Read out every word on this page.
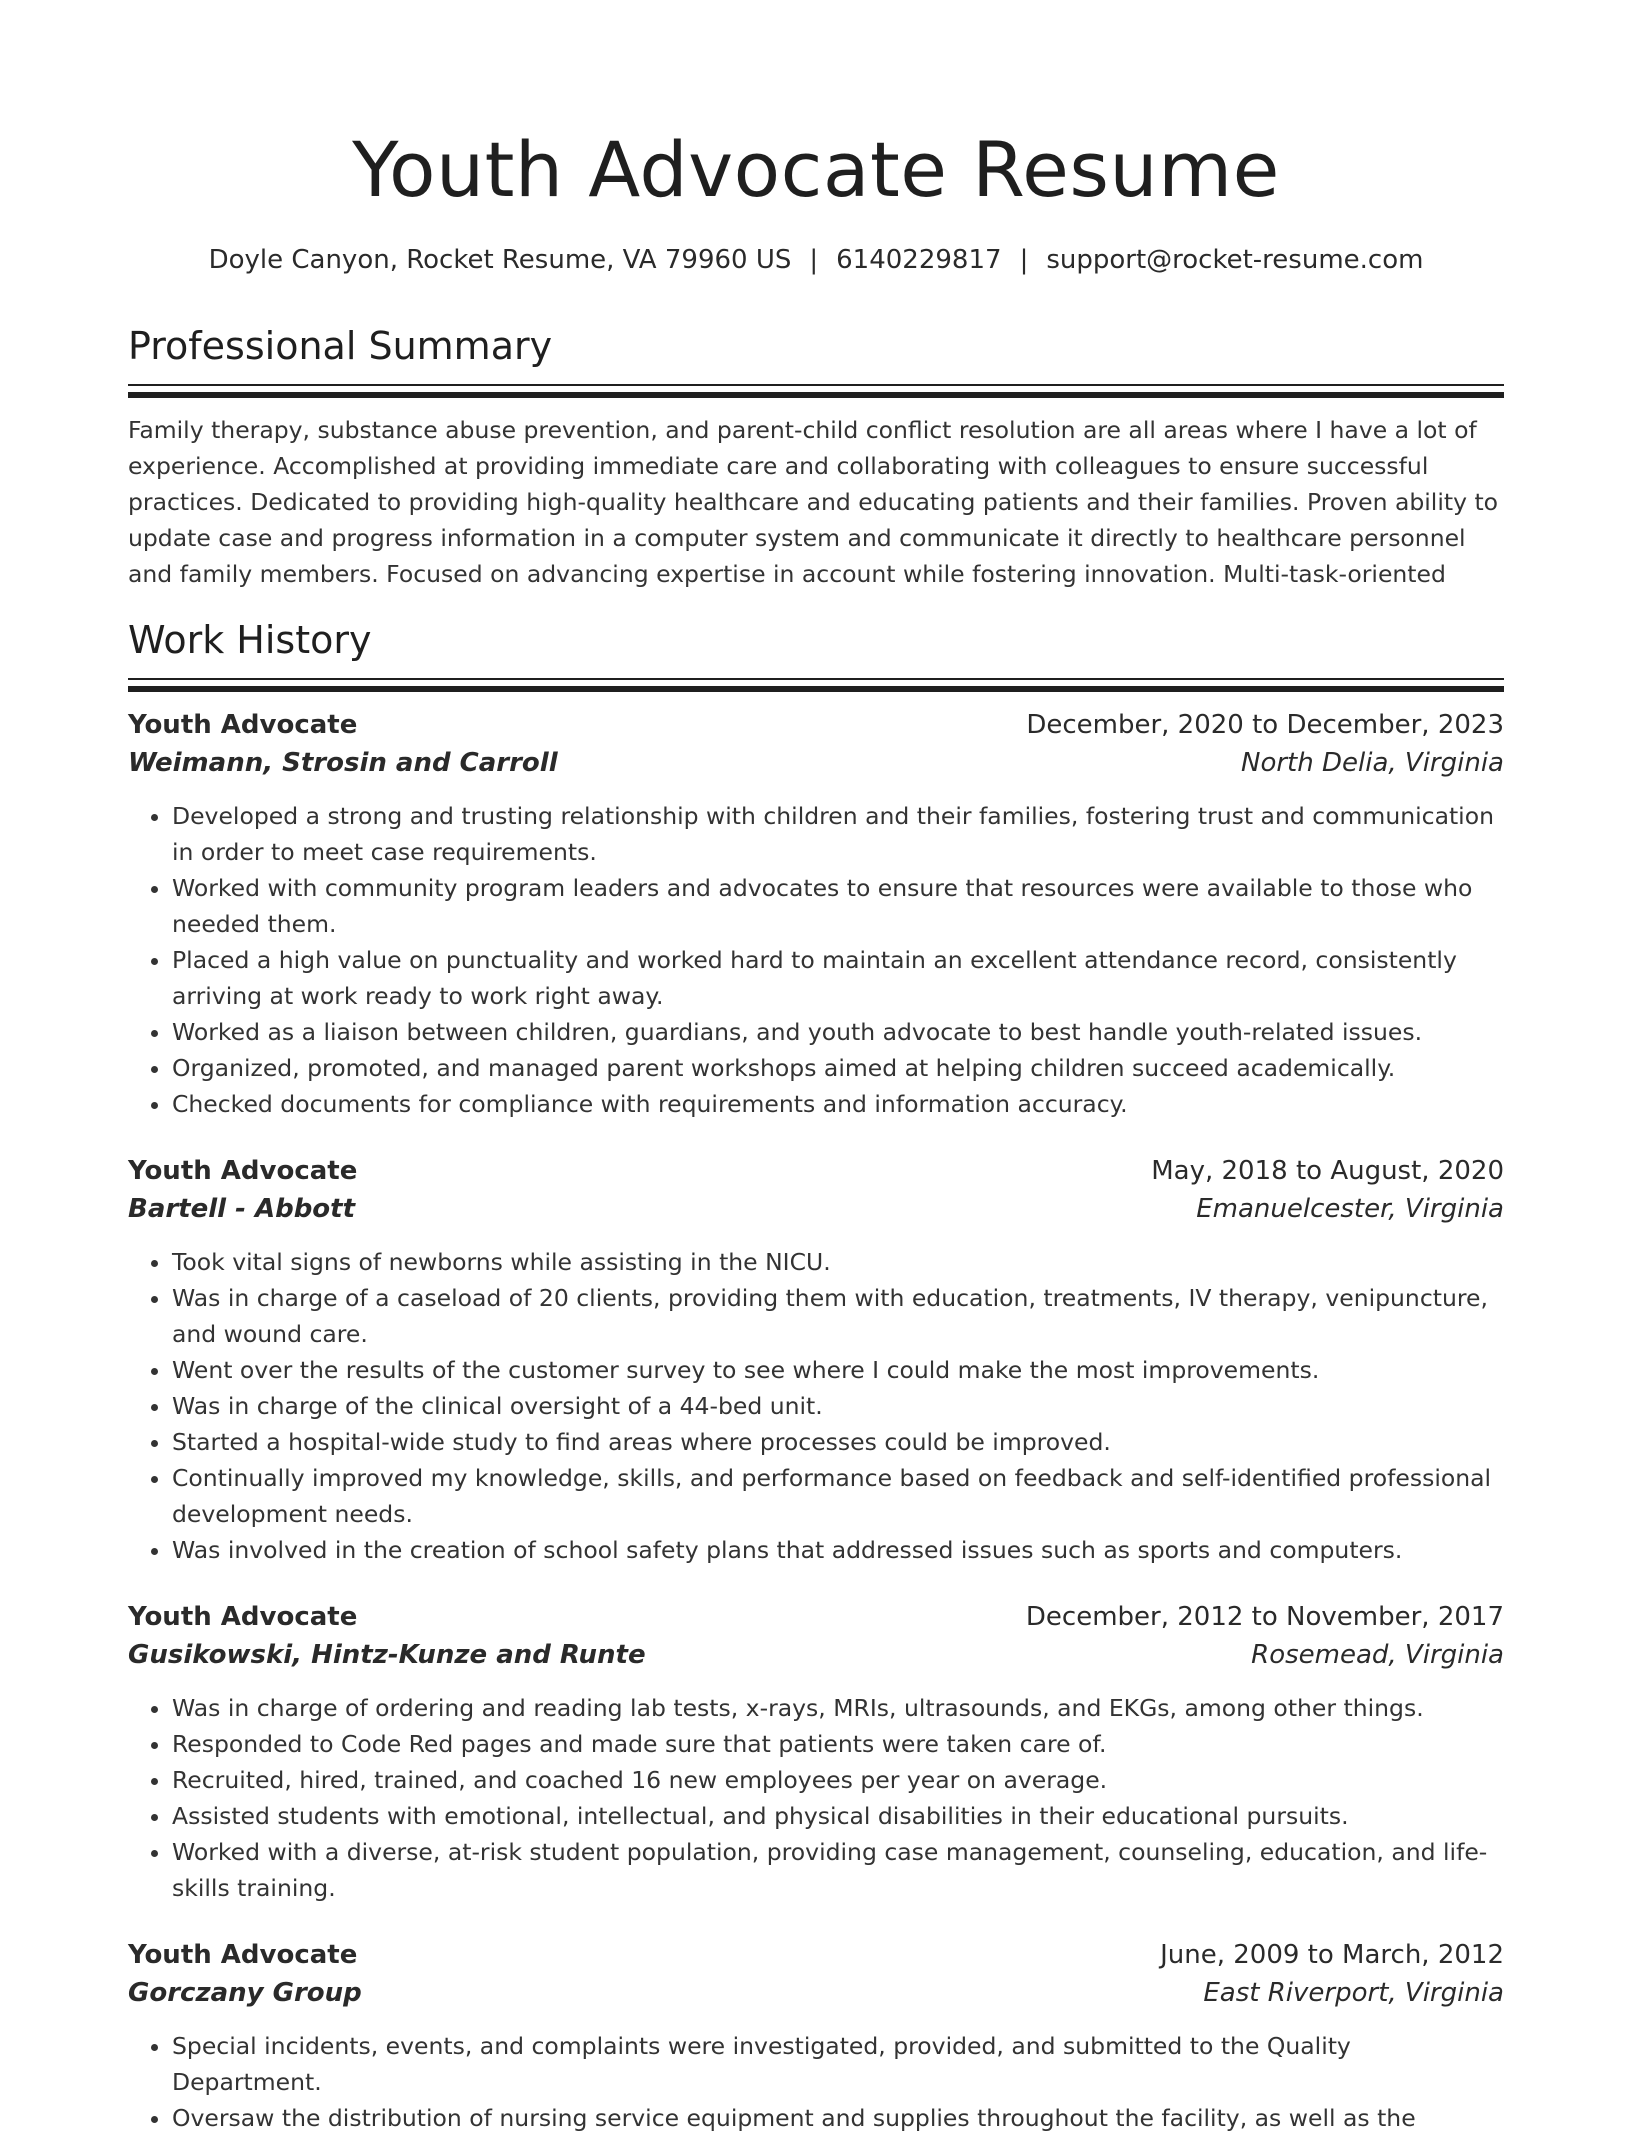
Youth Advocate Resume
Doyle Canyon, Rocket Resume, VA 79960 US | 6140229817 | support@rocket-resume.com
Professional Summary

Family therapy, substance abuse prevention, and parent-child conflict resolution are all areas where I have a lot of experience. Accomplished at providing immediate care and collaborating with colleagues to ensure successful practices. Dedicated to providing high-quality healthcare and educating patients and their families. Proven ability to update case and progress information in a computer system and communicate it directly to healthcare personnel and family members. Focused on advancing expertise in account while fostering innovation. Multi-task-oriented

Work History
Youth Advocate	December, 2020 to December, 2023
Weimann, Strosin and Carroll	North Delia, Virginia
• Developed a strong and trusting relationship with children and their families, fostering trust and communication in order to meet case requirements.
• Worked with community program leaders and advocates to ensure that resources were available to those who needed them.
• Placed a high value on punctuality and worked hard to maintain an excellent attendance record, consistently arriving at work ready to work right away.
• Worked as a liaison between children, guardians, and youth advocate to best handle youth-related issues.
• Organized, promoted, and managed parent workshops aimed at helping children succeed academically.
• Checked documents for compliance with requirements and information accuracy.
Youth Advocate	May, 2018 to August, 2020
Bartell - Abbott	Emanuelcester, Virginia
• Took vital signs of newborns while assisting in the NICU.
• Was in charge of a caseload of 20 clients, providing them with education, treatments, IV therapy, venipuncture, and wound care.
• Went over the results of the customer survey to see where I could make the most improvements.
• Was in charge of the clinical oversight of a 44-bed unit.
• Started a hospital-wide study to find areas where processes could be improved.
• Continually improved my knowledge, skills, and performance based on feedback and self-identified professional development needs.
• Was involved in the creation of school safety plans that addressed issues such as sports and computers.
Youth Advocate	December, 2012 to November, 2017
Gusikowski, Hintz-Kunze and Runte	Rosemead, Virginia
• Was in charge of ordering and reading lab tests, x-rays, MRIs, ultrasounds, and EKGs, among other things.
• Responded to Code Red pages and made sure that patients were taken care of.
• Recruited, hired, trained, and coached 16 new employees per year on average.
• Assisted students with emotional, intellectual, and physical disabilities in their educational pursuits.
• Worked with a diverse, at-risk student population, providing case management, counseling, education, and life-skills training.
Youth Advocate	June, 2009 to March, 2012
Gorczany Group	East Riverport, Virginia
• Special incidents, events, and complaints were investigated, provided, and submitted to the Quality Department.
• Oversaw the distribution of nursing service equipment and supplies throughout the facility, as well as the
